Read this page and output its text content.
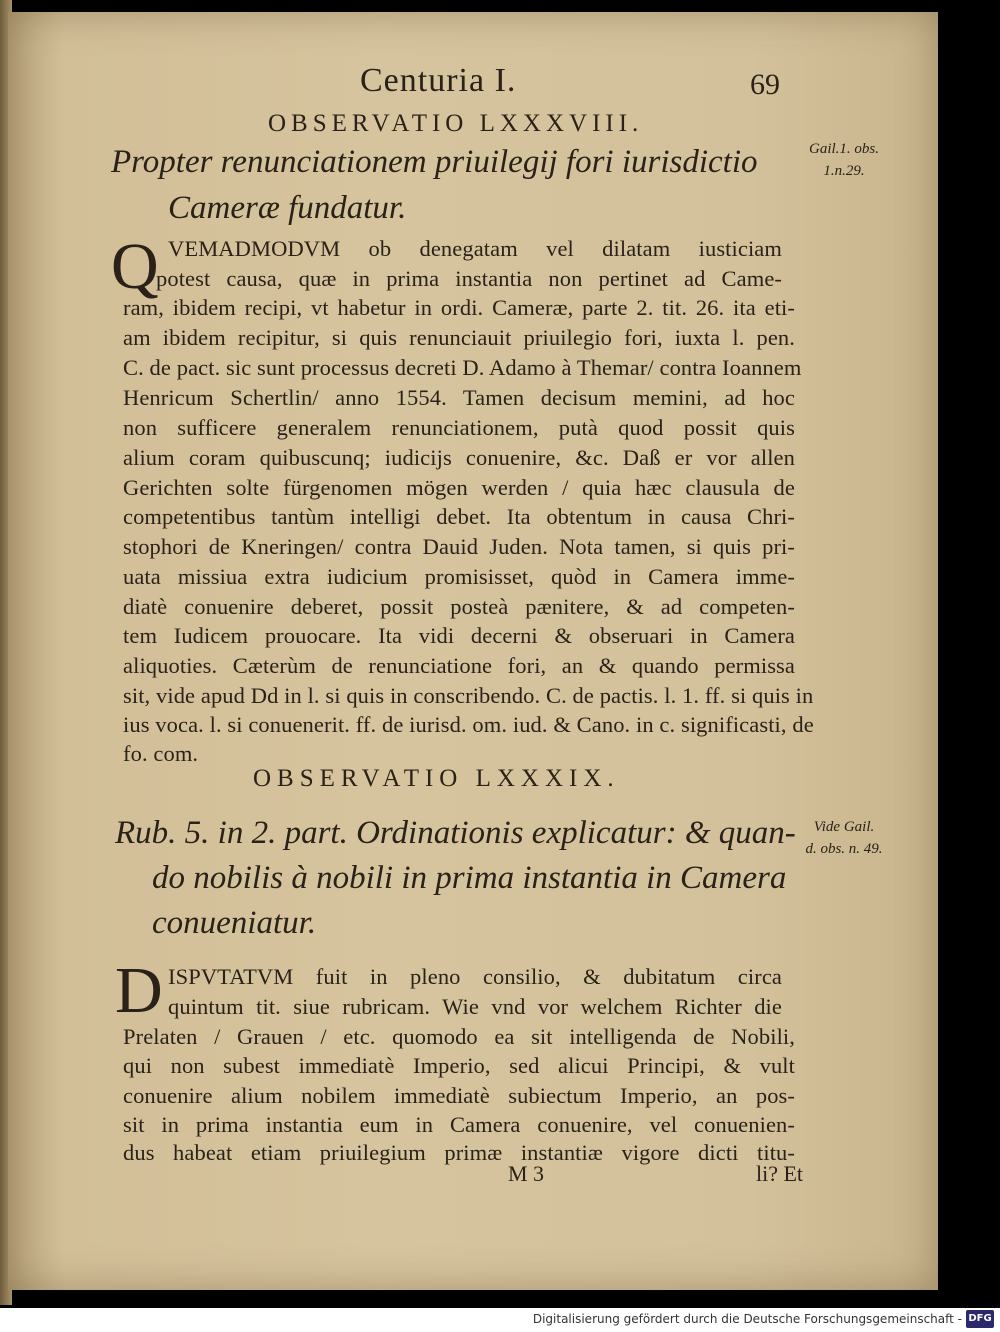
Centuria I.	69
OBSERVATIO LXXXVIII.
Propter renunciationem priuilegij fori iurisdictio
Cameræ fundatur.
Gail.1. obs.
1.n.29.
Q VEMADMODVM ob denegatam vel dilatam iusticiam
potest causa, quæ in prima instantia non pertinet ad Came-
ram, ibidem recipi, vt habetur in ordi. Cameræ, parte 2. tit. 26. ita eti-
am ibidem recipitur, si quis renunciauit priuilegio fori, iuxta l. pen.
C. de pact. sic sunt processus decreti D. Adamo à Themar/ contra Ioannem
Henricum Schertlin/ anno 1554. Tamen decisum memini, ad hoc
non sufficere generalem renunciationem, putà quod possit quis
alium coram quibuscunq; iudicijs conuenire, &c. Daß er vor allen
Gerichten solte fürgenomen mögen werden / quia hæc clausula de
competentibus tantùm intelligi debet. Ita obtentum in causa Chri-
stophori de Kneringen/ contra Dauid Juden. Nota tamen, si quis pri-
uata missiua extra iudicium promisisset, quòd in Camera imme-
diatè conuenire deberet, possit posteà pænitere, & ad competen-
tem Iudicem prouocare. Ita vidi decerni & obseruari in Camera
aliquoties. Cæterùm de renunciatione fori, an & quando permissa
sit, vide apud Dd in l. si quis in conscribendo. C. de pactis. l. 1. ff. si quis in
ius voca. l. si conuenerit. ff. de iurisd. om. iud. & Cano. in c. significasti, de
fo. com.
OBSERVATIO LXXXIX.
Rub. 5. in 2. part. Ordinationis explicatur: & quan-
do nobilis à nobili in prima instantia in Camera
conueniatur.
Vide Gail.
d. obs. n. 49.
D ISPVTATVM fuit in pleno consilio, & dubitatum circa
quintum tit. siue rubricam. Wie vnd vor welchem Richter die
Prelaten / Grauen / etc. quomodo ea sit intelligenda de Nobili,
qui non subest immediatè Imperio, sed alicui Principi, & vult
conuenire alium nobilem immediatè subiectum Imperio, an pos-
sit in prima instantia eum in Camera conuenire, vel conuenien-
dus habeat etiam priuilegium primæ instantiæ vigore dicti titu-
M 3	li? Et
Digitalisierung gefördert durch die Deutsche Forschungsgemeinschaft - DFG
